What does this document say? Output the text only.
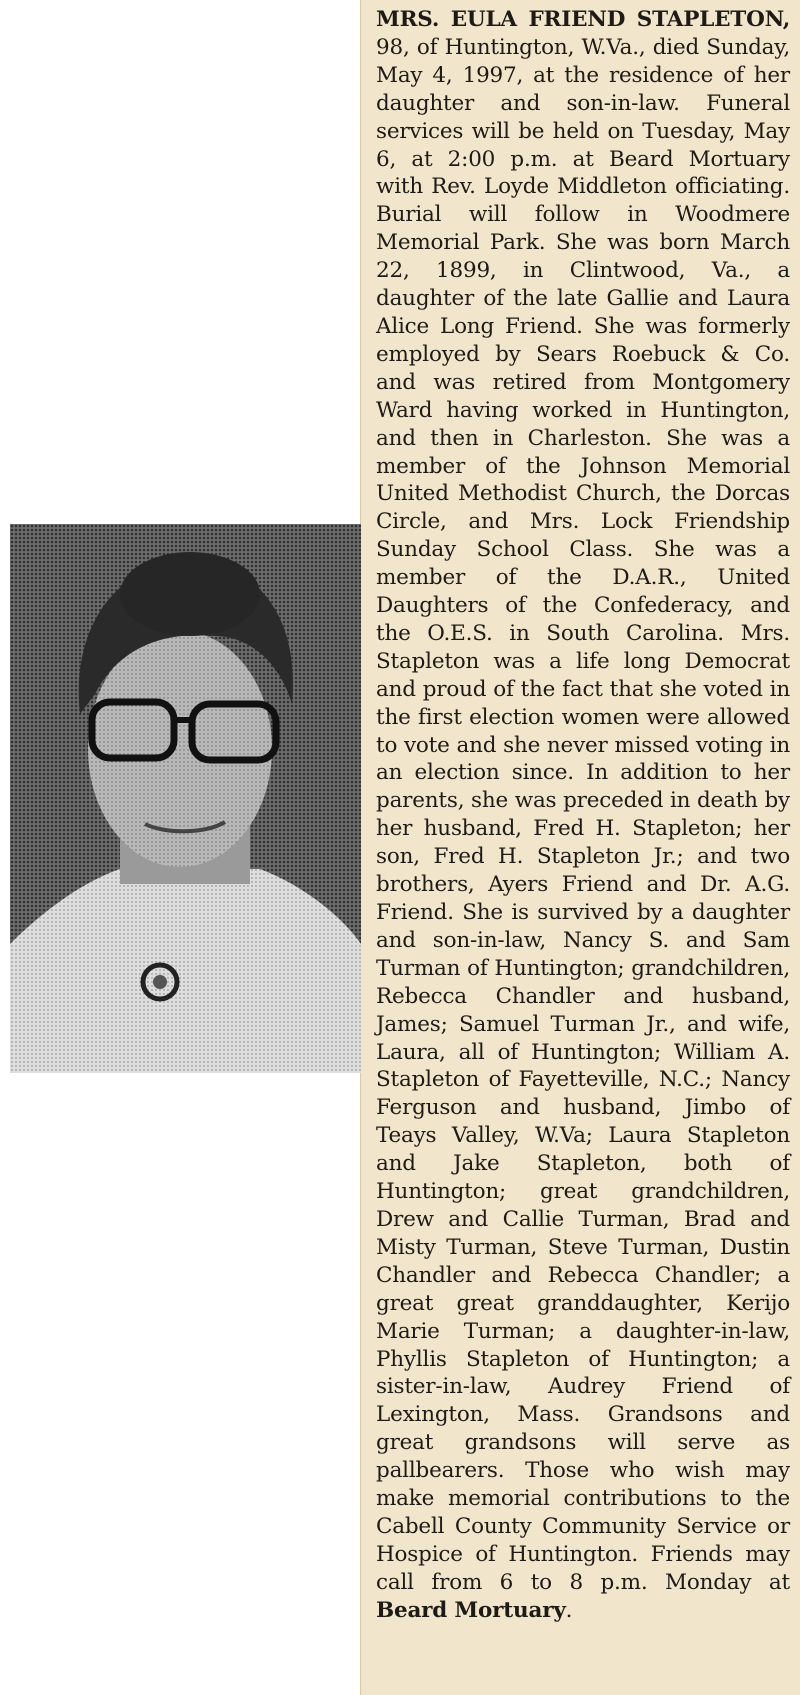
MRS. EULA FRIEND STAPLETON, 98, of Huntington, W.Va., died Sunday, May 4, 1997, at the residence of her daughter and son-in-law. Funeral services will be held on Tuesday, May 6, at 2:00 p.m. at Beard Mortuary with Rev. Loyde Middleton officiating. Burial will follow in Woodmere Memorial Park. She was born March 22, 1899, in Clintwood, Va., a daughter of the late Gallie and Laura Alice Long Friend. She was formerly employed by Sears Roebuck & Co. and was retired from Montgomery Ward having worked in Huntington, and then in Charleston. She was a member of the Johnson Memorial United Methodist Church, the Dorcas Circle, and Mrs. Lock Friendship Sunday School Class. She was a member of the D.A.R., United Daughters of the Confederacy, and the O.E.S. in South Carolina. Mrs. Stapleton was a life long Democrat and proud of the fact that she voted in the first election women were allowed to vote and she never missed voting in an election since. In addition to her parents, she was preceded in death by her husband, Fred H. Stapleton; her son, Fred H. Stapleton Jr.; and two brothers, Ayers Friend and Dr. A.G. Friend. She is survived by a daughter and son-in-law, Nancy S. and Sam Turman of Huntington; grandchildren, Rebecca Chandler and husband, James; Samuel Turman Jr., and wife, Laura, all of Huntington; William A. Stapleton of Fayetteville, N.C.; Nancy Ferguson and husband, Jimbo of Teays Valley, W.Va; Laura Stapleton and Jake Stapleton, both of Huntington; great grandchildren, Drew and Callie Turman, Brad and Misty Turman, Steve Turman, Dustin Chandler and Rebecca Chandler; a great great granddaughter, Kerijo Marie Turman; a daughter-in-law, Phyllis Stapleton of Huntington; a sister-in-law, Audrey Friend of Lexington, Mass. Grandsons and great grandsons will serve as pallbearers. Those who wish may make memorial contributions to the Cabell County Community Service or Hospice of Huntington. Friends may call from 6 to 8 p.m. Monday at Beard Mortuary.
